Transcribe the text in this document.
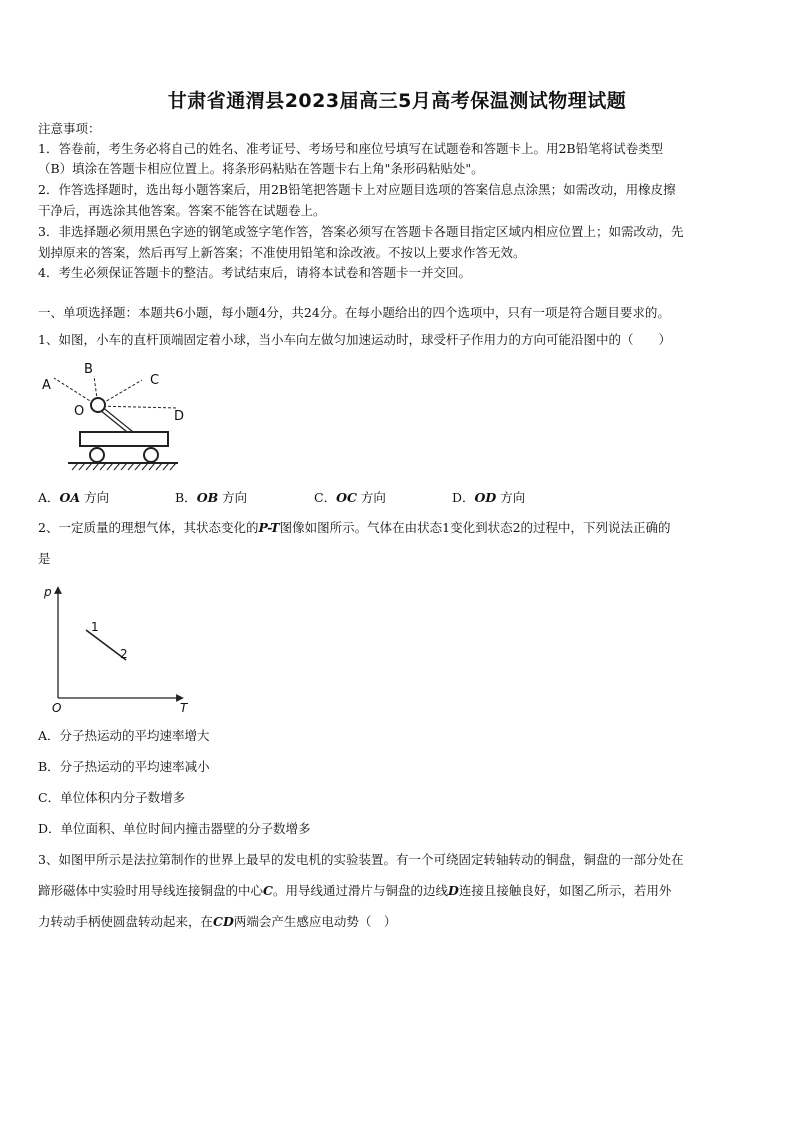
甘肃省通渭县2023届高三5月高考保温测试物理试题
注意事项：
1．答卷前，考生务必将自己的姓名、准考证号、考场号和座位号填写在试题卷和答题卡上。用2B铅笔将试卷类型
（B）填涂在答题卡相应位置上。将条形码粘贴在答题卡右上角"条形码粘贴处"。
2．作答选择题时，选出每小题答案后，用2B铅笔把答题卡上对应题目选项的答案信息点涂黑；如需改动，用橡皮擦
干净后，再选涂其他答案。答案不能答在试题卷上。
3．非选择题必须用黑色字迹的钢笔或签字笔作答，答案必须写在答题卡各题目指定区域内相应位置上；如需改动，先
划掉原来的答案，然后再写上新答案；不准使用铅笔和涂改液。不按以上要求作答无效。
4．考生必须保证答题卡的整洁。考试结束后，请将本试卷和答题卡一并交回。
一、单项选择题：本题共6小题，每小题4分，共24分。在每小题给出的四个选项中，只有一项是符合题目要求的。
1、如图，小车的直杆顶端固定着小球，当小车向左做匀加速运动时，球受杆子作用力的方向可能沿图中的（　　）
A
B
C
D
O
A．OA 方向	B．OB 方向	C．OC 方向	D．OD 方向
2、一定质量的理想气体，其状态变化的P-T图像如图所示。气体在由状态1变化到状态2的过程中，下列说法正确的
是
p
T
O
1
2
A．分子热运动的平均速率增大
B．分子热运动的平均速率减小
C．单位体积内分子数增多
D．单位面积、单位时间内撞击器壁的分子数增多
3、如图甲所示是法拉第制作的世界上最早的发电机的实验装置。有一个可绕固定转轴转动的铜盘，铜盘的一部分处在
蹄形磁体中实验时用导线连接铜盘的中心C。用导线通过滑片与铜盘的边线D连接且接触良好，如图乙所示，若用外
力转动手柄使圆盘转动起来，在CD两端会产生感应电动势（　）
